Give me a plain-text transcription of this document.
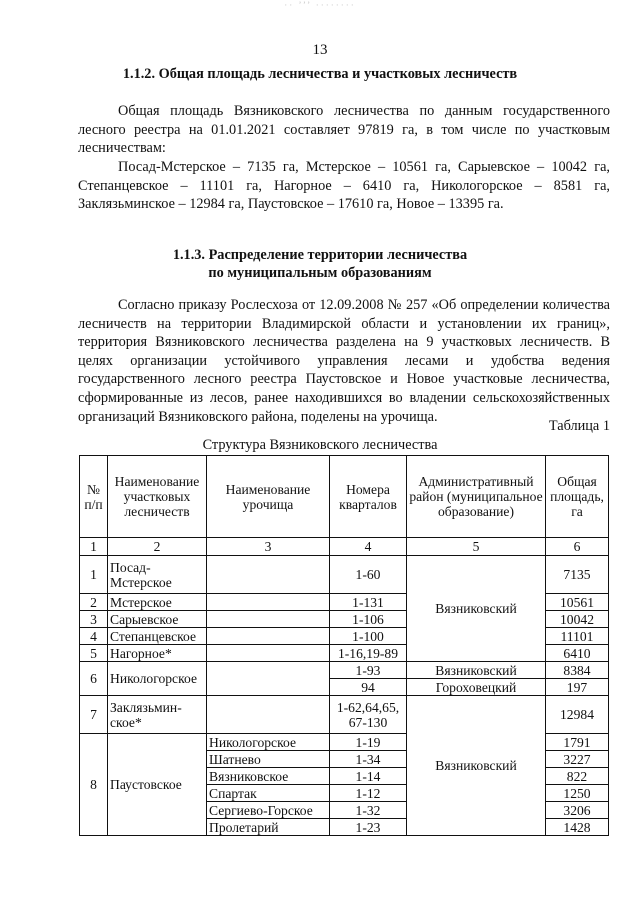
·· ’’’ ········
13
1.1.2. Общая площадь лесничества и участковых лесничеств
Общая площадь Вязниковского лесничества по данным государственного лесного реестра на 01.01.2021 составляет 97819 га, в том числе по участковым лесничествам:
Посад-Мстерское – 7135 га, Мстерское – 10561 га, Сарыевское – 10042 га, Степанцевское – 11101 га, Нагорное – 6410 га, Никологорское – 8581 га, Заклязьминское – 12984 га, Паустовское – 17610 га, Новое – 13395 га.
1.1.3. Распределение территории лесничества
по муниципальным образованиям
Согласно приказу Рослесхоза от 12.09.2008 № 257 «Об определении количества лесничеств на территории Владимирской области и установлении их границ», территория Вязниковского лесничества разделена на 9 участковых лесничеств. В целях организации устойчивого управления лесами и удобства ведения государственного лесного реестра Паустовское и Новое участковые лесничества, сформированные из лесов, ранее находившихся во владении сельскохозяйственных организаций Вязниковского района, поделены на урочища.
Таблица 1
Структура Вязниковского лесничества
№ п/п	Наименование участковых лесничеств	Наименование урочища	Номера кварталов	Административный район (муниципальное образование)	Общая площадь, га
1	2	3	4	5	6
1	Посад-Мстерское		1-60	Вязниковский	7135
2	Мстерское		1-131		10561
3	Сарыевское		1-106		10042
4	Степанцевское		1-100		11101
5	Нагорное*		1-16,19-89		6410
6	Никологорское		1-93	Вязниковский	8384
			94	Гороховецкий	197
7	Заклязьмин-ское*		1-62,64,65, 67-130	Вязниковский	12984
8	Паустовское	Никологорское	1-19		1791
		Шатнево	1-34		3227
		Вязниковское	1-14		822
		Спартак	1-12		1250
		Сергиево-Горское	1-32		3206
		Пролетарий	1-23		1428
